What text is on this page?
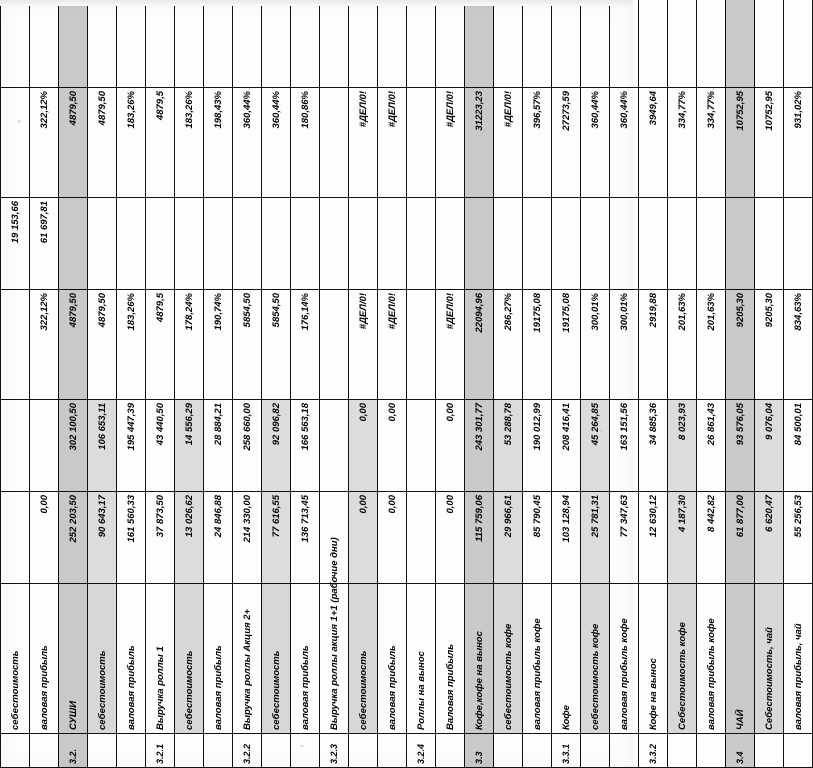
	себестоимость				19 153,66		
	валовая прибыль	0,00		322,12%	61 697,81	322,12%	
3.2.	СУШИ	252 203,50	302 100,50	4879,50		4879,50	
	себестоимость	90 643,17	106 653,11	4879,50		4879,50	
	валовая прибыль	161 560,33	195 447,39	183,26%		183,26%	
3.2.1	Выручка роллы 1	37 873,50	43 440,50	4879,5		4879,5	
	себестоимость	13 026,62	14 556,29	178,24%		183,26%	
	валовая прибыль	24 846,88	28 884,21	190,74%		198,43%	
3.2.2	Выручка роллы Акция 2+	214 330,00	258 660,00	5854,50		360,44%	
	себестоимость	77 616,55	92 096,82	5854,50		360,44%	
	валовая прибыль	136 713,45	166 563,18	176,14%		180,86%	
3.2.3	Выручка роллы акция 1+1 (рабочие дни)						
	себестоимость	0,00	0,00	#ДЕЛ/0!		#ДЕЛ/0!	
	валовая прибыль	0,00	0,00	#ДЕЛ/0!		#ДЕЛ/0!	
3.2.4	Роллы на вынос						
	Валовая прибыль	0,00	0,00	#ДЕЛ/0!		#ДЕЛ/0!	
3.3	Кофе,кофе на вынос	115 759,06	243 301,77	22094,96		31223,23	
	себестоимость кофе	29 966,61	53 288,78	286,27%		#ДЕЛ/0!	
	валовая прибыль кофе	85 790,45	190 012,99	19175,08		396,57%	
3.3.1	Кофе	103 128,94	208 416,41	19175,08		27273,59	
	себестоимость кофе	25 781,31	45 264,85	300,01%		360,44%	
	валовая прибыль кофе	77 347,63	163 151,56	300,01%		360,44%	
3.3.2	Кофе на вынос	12 630,12	34 885,36	2919,88		3949,64	
	Себестоимость кофе	4 187,30	8 023,93	201,63%		334,77%	
	валовая прибыль кофе	8 442,82	26 861,43	201,63%		334,77%	
3.4	ЧАЙ	61 877,00	93 576,05	9205,30		10752,95	
	Себестоимость, чай	6 620,47	9 076,04	9205,30		10752,95	
	валовая прибыль, чай	55 256,53	84 500,01	834,63%		931,02%	
